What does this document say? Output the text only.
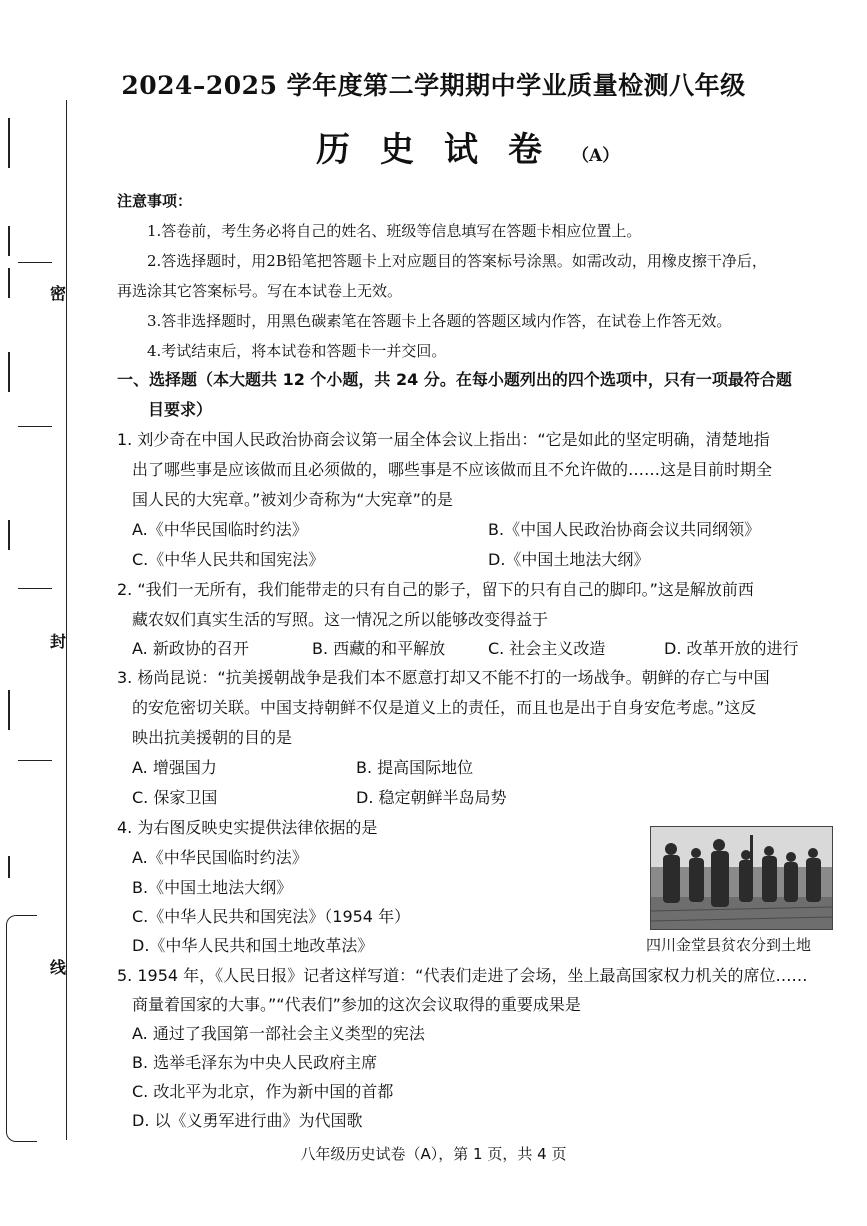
密
封
线
2024–2025 学年度第二学期期中学业质量检测八年级
历史试卷（A）
注意事项：
1.答卷前，考生务必将自己的姓名、班级等信息填写在答题卡相应位置上。
2.答选择题时，用2B铅笔把答题卡上对应题目的答案标号涂黑。如需改动，用橡皮擦干净后，
再选涂其它答案标号。写在本试卷上无效。
3.答非选择题时，用黑色碳素笔在答题卡上各题的答题区域内作答，在试卷上作答无效。
4.考试结束后，将本试卷和答题卡一并交回。
一、选择题（本大题共 12 个小题，共 24 分。在每小题列出的四个选项中，只有一项最符合题
目要求）
1. 刘少奇在中国人民政治协商会议第一届全体会议上指出：“它是如此的坚定明确，清楚地指
出了哪些事是应该做而且必须做的，哪些事是不应该做而且不允许做的……这是目前时期全
国人民的大宪章。”被刘少奇称为“大宪章”的是
A.《中华民国临时约法》	B.《中国人民政治协商会议共同纲领》
C.《中华人民共和国宪法》	D.《中国土地法大纲》
2. “我们一无所有，我们能带走的只有自己的影子，留下的只有自己的脚印。”这是解放前西
藏农奴们真实生活的写照。这一情况之所以能够改变得益于
A. 新政协的召开	B. 西藏的和平解放	C. 社会主义改造	D. 改革开放的进行
3. 杨尚昆说：“抗美援朝战争是我们本不愿意打却又不能不打的一场战争。朝鲜的存亡与中国
的安危密切关联。中国支持朝鲜不仅是道义上的责任，而且也是出于自身安危考虑。”这反
映出抗美援朝的目的是
A. 增强国力	B. 提高国际地位
C. 保家卫国	D. 稳定朝鲜半岛局势
4. 为右图反映史实提供法律依据的是
A.《中华民国临时约法》
B.《中国土地法大纲》
C.《中华人民共和国宪法》（1954 年）
D.《中华人民共和国土地改革法》	四川金堂县贫农分到土地
5. 1954 年，《人民日报》记者这样写道：“代表们走进了会场，坐上最高国家权力机关的席位……
商量着国家的大事。”“代表们”参加的这次会议取得的重要成果是
A. 通过了我国第一部社会主义类型的宪法
B. 选举毛泽东为中央人民政府主席
C. 改北平为北京，作为新中国的首都
D. 以《义勇军进行曲》为代国歌
八年级历史试卷（A），第 1 页，共 4 页
